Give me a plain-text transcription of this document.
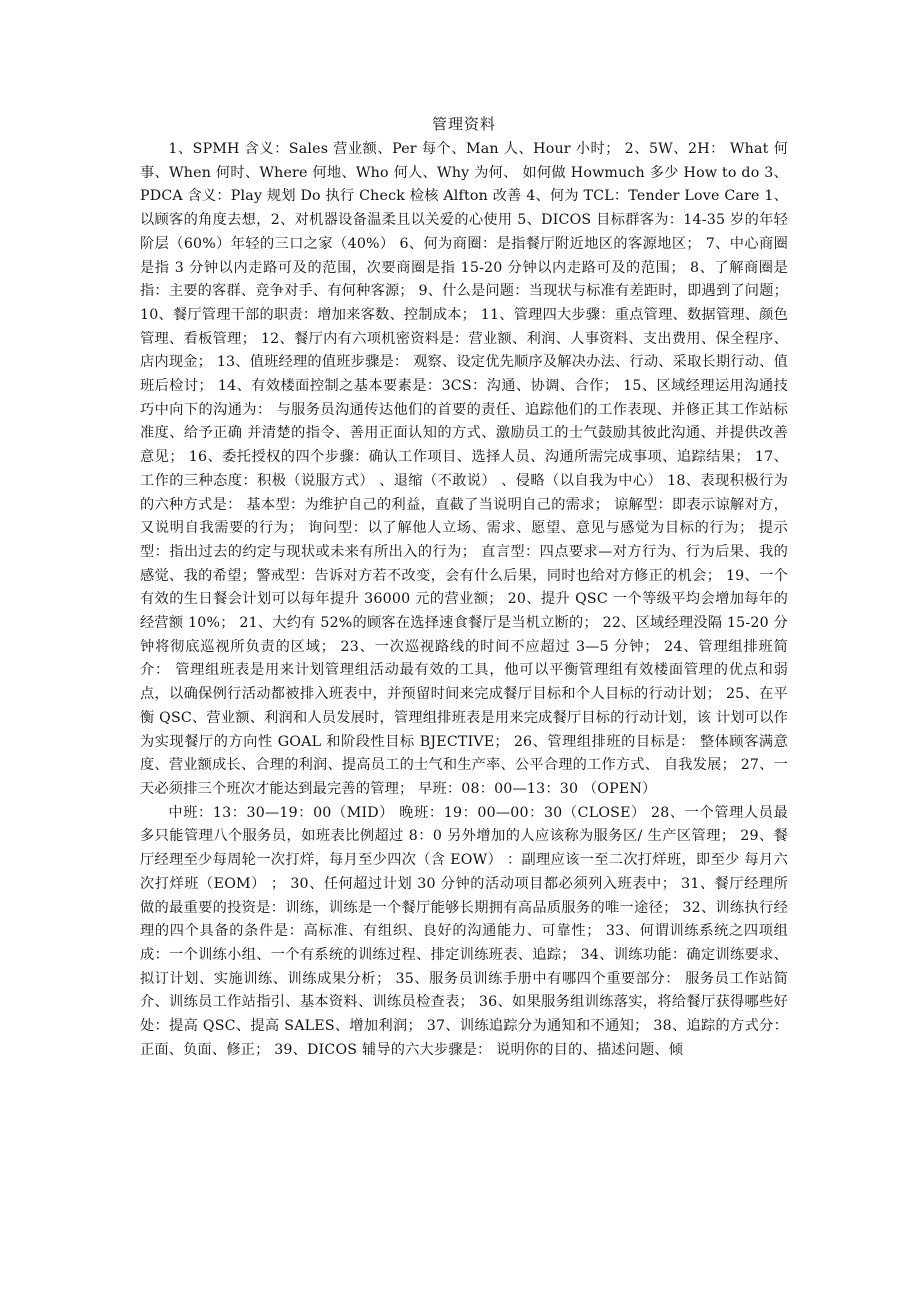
管理资料

1、SPMH 含义：Sales 营业额、Per 每个、Man 人、Hour 小时； 2、5W、2H： What 何事、When 何时、Where 何地、Who 何人、Why 为何、 如何做 Howmuch 多少 How to do 3、PDCA 含义：Play 规划 Do 执行 Check 检核 Alfton 改善 4、何为 TCL：Tender Love Care 1、以顾客的角度去想，2、对机器设备温柔且以关爱的心使用 5、DICOS 目标群客为：14-35 岁的年轻阶层（60%）年轻的三口之家（40%） 6、何为商圈：是指餐厅附近地区的客源地区； 7、中心商圈是指 3 分钟以内走路可及的范围，次要商圈是指 15-20 分钟以内走路可及的范围； 8、了解商圈是指：主要的客群、竞争对手、有何种客源； 9、什么是问题：当现状与标准有差距时，即遇到了问题； 10、餐厅管理干部的职责：增加来客数、控制成本； 11、管理四大步骤：重点管理、数据管理、颜色管理、看板管理； 12、餐厅内有六项机密资料是：营业额、利润、人事资料、支出费用、保全程序、店内现金； 13、值班经理的值班步骤是： 观察、设定优先顺序及解决办法、行动、采取长期行动、值班后检讨； 14、有效楼面控制之基本要素是：3CS：沟通、协调、合作； 15、区域经理运用沟通技巧中向下的沟通为： 与服务员沟通传达他们的首要的责任、追踪他们的工作表现、并修正其工作站标准度、给予正确 并清楚的指令、善用正面认知的方式、激励员工的士气鼓励其彼此沟通、并提供改善意见； 16、委托授权的四个步骤：确认工作项目、选择人员、沟通所需完成事项、追踪结果； 17、工作的三种态度：积极（说服方式） 、退缩（不敢说） 、侵略（以自我为中心） 18、表现积极行为的六种方式是： 基本型：为维护自己的利益，直截了当说明自己的需求； 谅解型：即表示谅解对方，又说明自我需要的行为； 询问型：以了解他人立场、需求、愿望、意见与感觉为目标的行为； 提示型：指出过去的约定与现状或未来有所出入的行为； 直言型：四点要求—对方行为、行为后果、我的感觉、我的希望；警戒型：告诉对方若不改变，会有什么后果，同时也给对方修正的机会； 19、一个有效的生日餐会计划可以每年提升 36000 元的营业额； 20、提升 QSC 一个等级平均会增加每年的经营额 10%； 21、大约有 52%的顾客在选择速食餐厅是当机立断的； 22、区域经理没隔 15-20 分钟将彻底巡视所负责的区域； 23、一次巡视路线的时间不应超过 3—5 分钟； 24、管理组排班简介： 管理组班表是用来计划管理组活动最有效的工具，他可以平衡管理组有效楼面管理的优点和弱 点，以确保例行活动都被排入班表中，并预留时间来完成餐厅目标和个人目标的行动计划； 25、在平衡 QSC、营业额、利润和人员发展时，管理组排班表是用来完成餐厅目标的行动计划，该 计划可以作为实现餐厅的方向性 GOAL 和阶段性目标 BJECTIVE； 26、管理组排班的目标是： 整体顾客满意度、营业额成长、合理的利润、提高员工的士气和生产率、公平合理的工作方式、 自我发展； 27、一天必须排三个班次才能达到最完善的管理； 早班：08：00—13：30 （OPEN）

中班：13：30—19：00（MID） 晚班：19：00—00：30（CLOSE） 28、一个管理人员最多只能管理八个服务员，如班表比例超过 8：0 另外增加的人应该称为服务区/ 生产区管理； 29、餐厅经理至少每周轮一次打烊，每月至少四次（含 EOW） ：副理应该一至二次打烊班，即至少 每月六次打烊班（EOM） ； 30、任何超过计划 30 分钟的活动项目都必须列入班表中； 31、餐厅经理所做的最重要的投资是：训练，训练是一个餐厅能够长期拥有高品质服务的唯一途径； 32、训练执行经理的四个具备的条件是：高标准、有组织、良好的沟通能力、可靠性； 33、何谓训练系统之四项组成：一个训练小组、一个有系统的训练过程、排定训练班表、追踪； 34、训练功能：确定训练要求、拟订计划、实施训练、训练成果分析； 35、服务员训练手册中有哪四个重要部分： 服务员工作站简介、训练员工作站指引、基本资料、训练员检查表； 36、如果服务组训练落实，将给餐厅获得哪些好处：提高 QSC、提高 SALES、增加利润； 37、训练追踪分为通知和不通知； 38、追踪的方式分：正面、负面、修正； 39、DICOS 辅导的六大步骤是： 说明你的目的、描述问题、倾
